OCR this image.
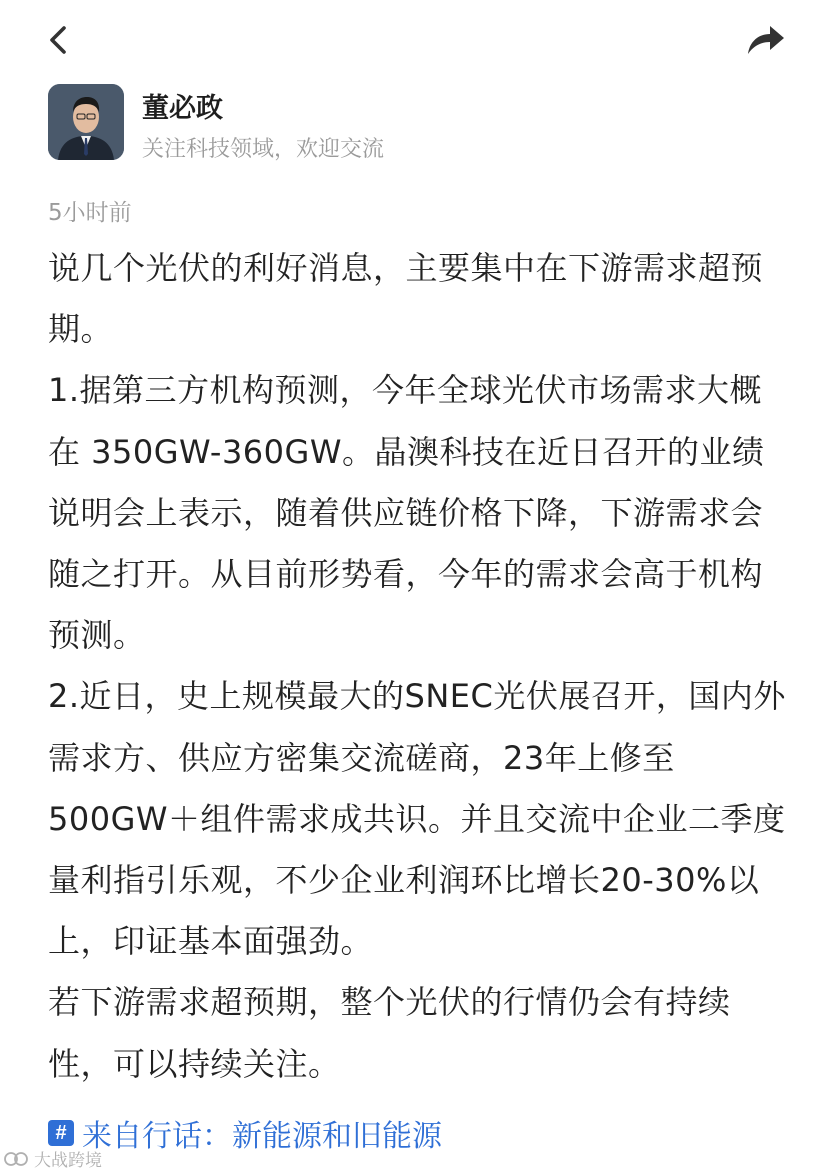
董必政
关注科技领域，欢迎交流
5小时前

说几个光伏的利好消息，主要集中在下游需求超预期。

1.据第三方机构预测，今年全球光伏市场需求大概在 350GW-360GW。晶澳科技在近日召开的业绩说明会上表示，随着供应链价格下降，下游需求会随之打开。从目前形势看，今年的需求会高于机构预测。

2.近日，史上规模最大的SNEC光伏展召开，国内外需求方、供应方密集交流磋商，23年上修至500GW＋组件需求成共识。并且交流中企业二季度量利指引乐观，不少企业利润环比增长20-30%以上，印证基本面强劲。

若下游需求超预期，整个光伏的行情仍会有持续性，可以持续关注。

# 来自行话：新能源和旧能源
大战跨境
